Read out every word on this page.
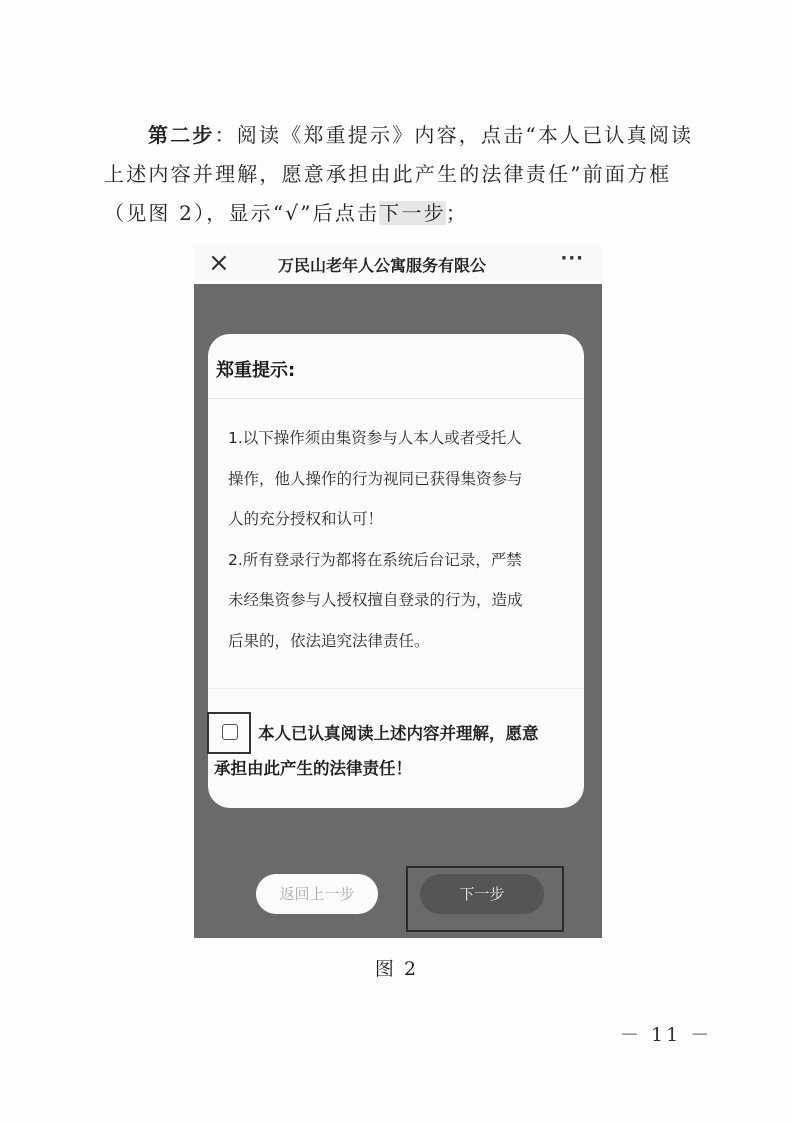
第二步：阅读《郑重提示》内容，点击“本人已认真阅读
上述内容并理解，愿意承担由此产生的法律责任”前面方框
（见图 2），显示“√”后点击下一步；
×	万民山老年人公寓服务有限公	···
郑重提示:
1.以下操作须由集资参与人本人或者受托人
操作，他人操作的行为视同已获得集资参与
人的充分授权和认可！
2.所有登录行为都将在系统后台记录，严禁
未经集资参与人授权擅自登录的行为，造成
后果的，依法追究法律责任。
本人已认真阅读上述内容并理解，愿意
承担由此产生的法律责任！
返回上一步	下一步
图 2
－ 11 －
